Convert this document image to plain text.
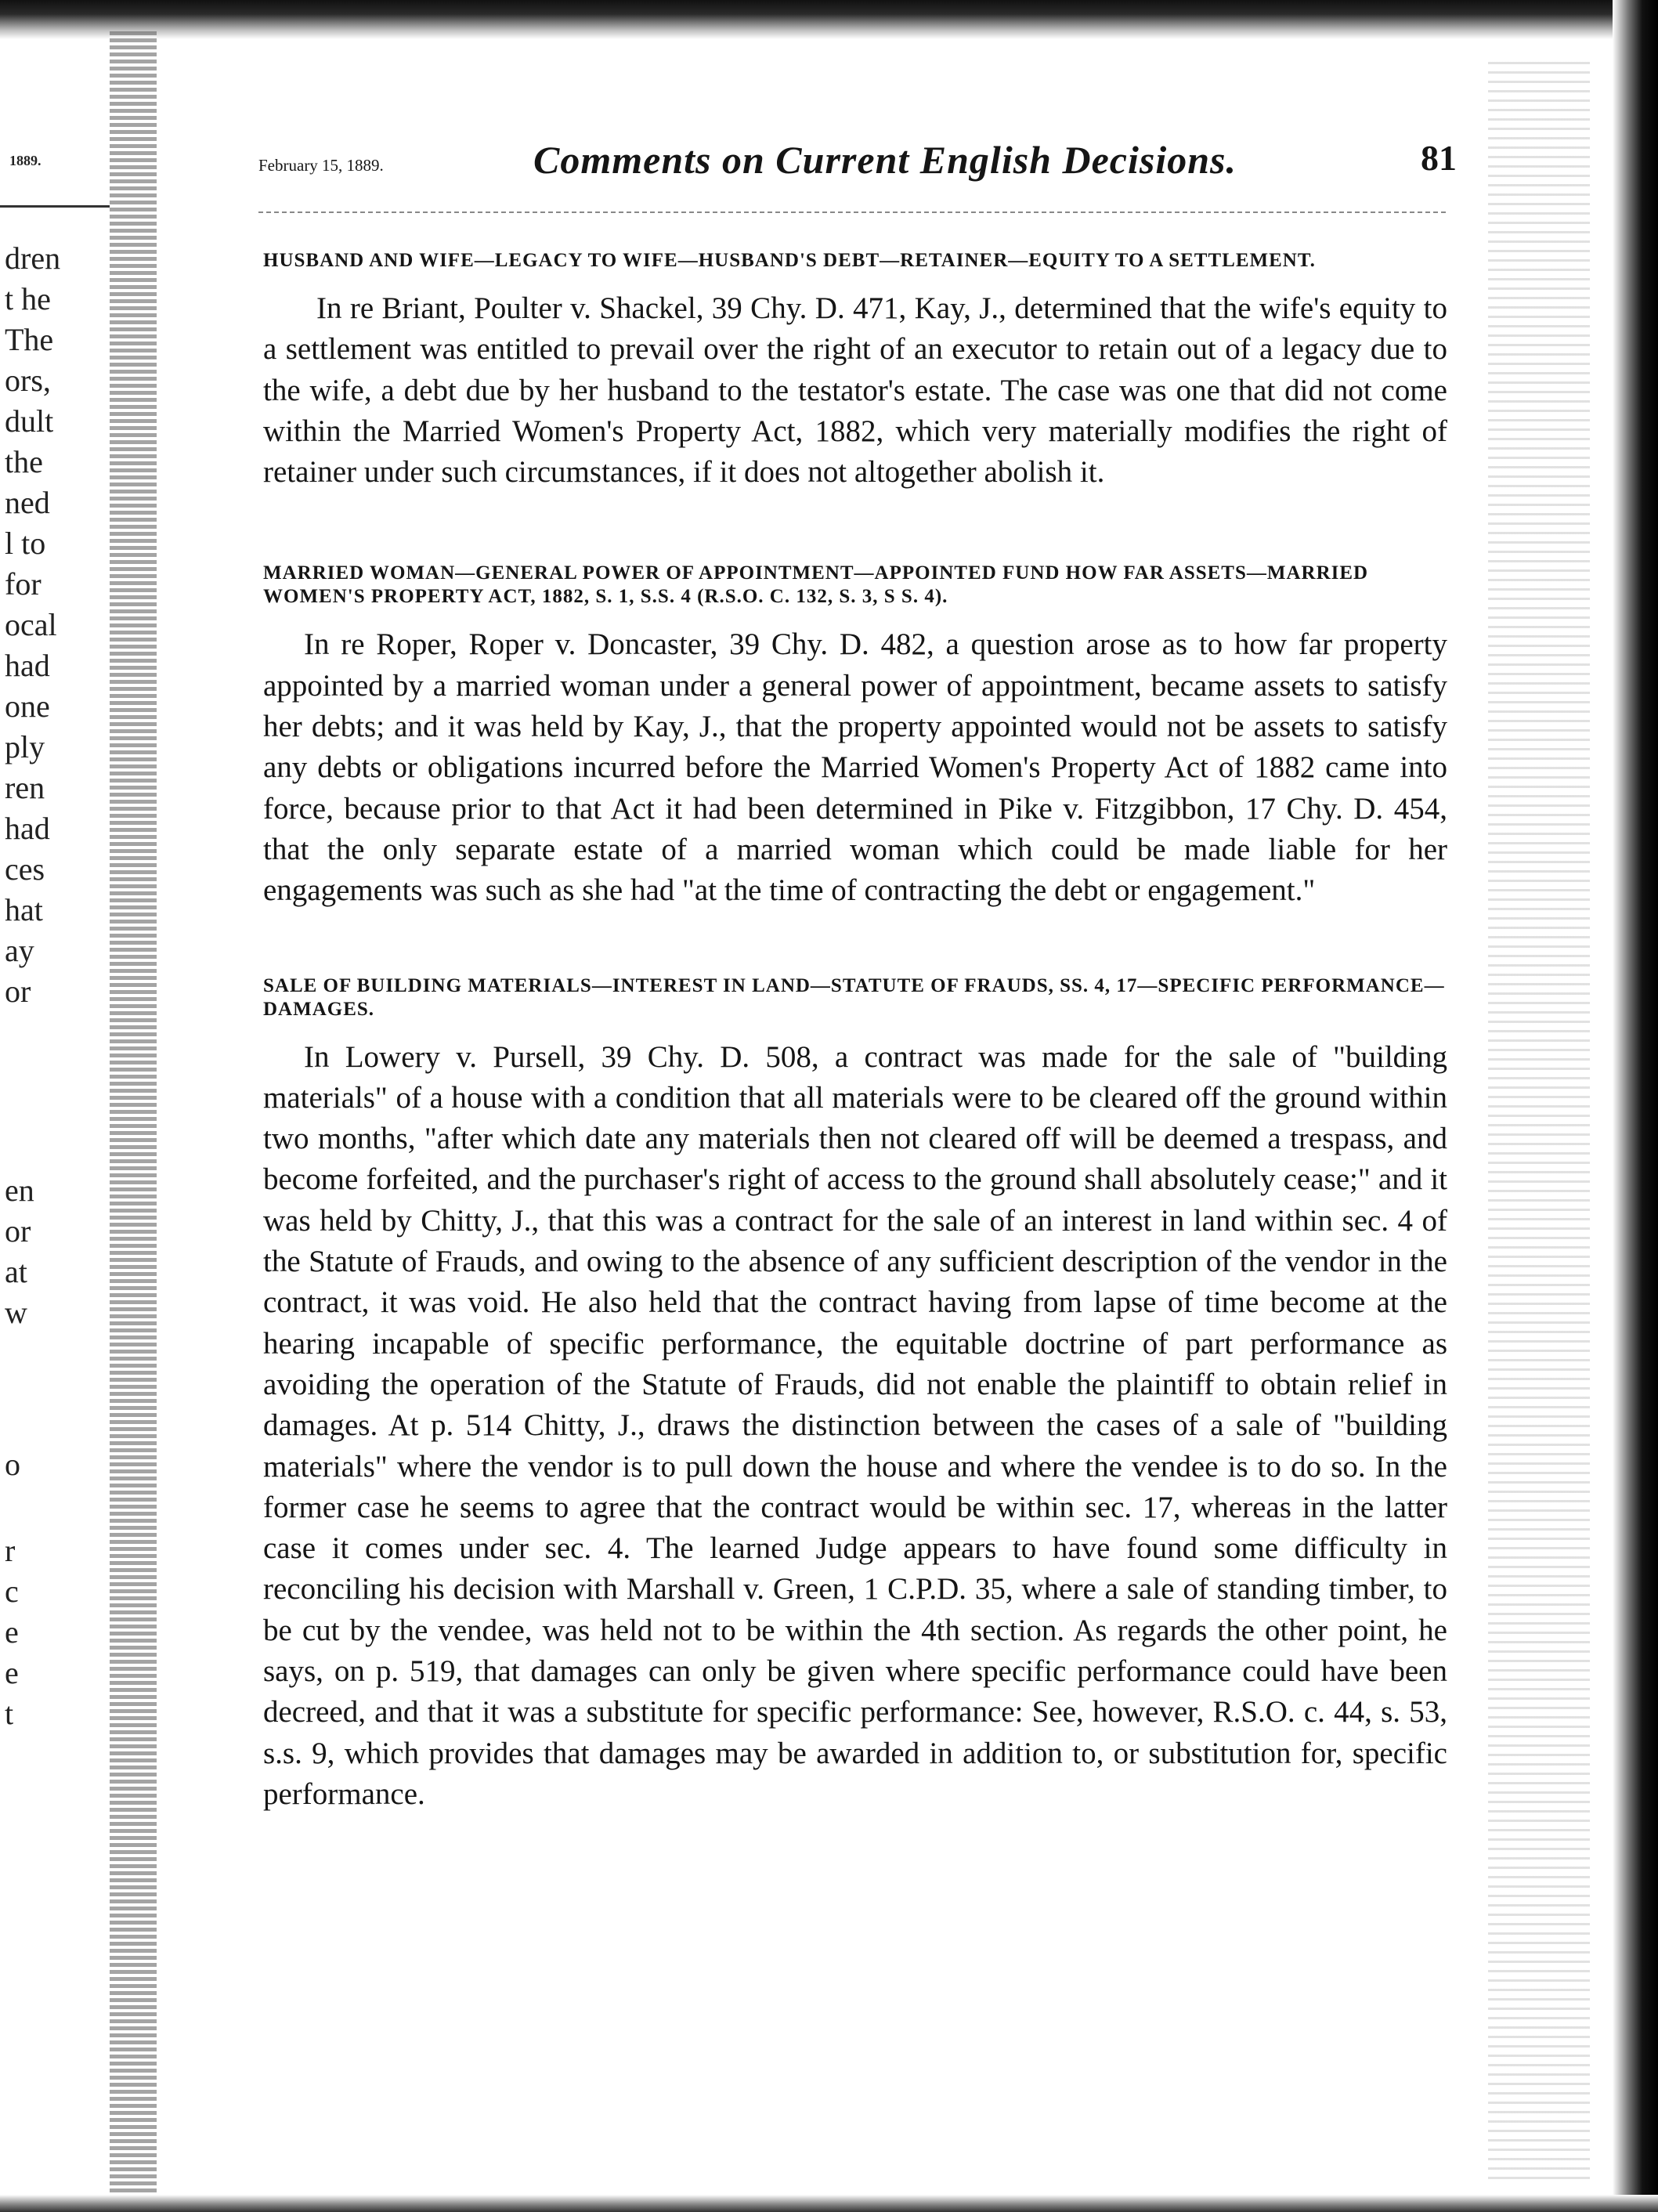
1889.
dren
t he
The
ors,
dult
the
ned
l to
for
ocal
had
one
ply
ren
had
ces
hat
ay
or
en
or
at
w
o
r
c
e
e
t
February 15, 1889.	Comments on Current English Decisions.	81

HUSBAND AND WIFE—LEGACY TO WIFE—HUSBAND'S DEBT—RETAINER—EQUITY TO A SETTLEMENT.

In re Briant, Poulter v. Shackel, 39 Chy. D. 471, Kay, J., determined that the wife's equity to a settlement was entitled to prevail over the right of an executor to retain out of a legacy due to the wife, a debt due by her husband to the testator's estate. The case was one that did not come within the Married Women's Property Act, 1882, which very materially modifies the right of retainer under such circumstances, if it does not altogether abolish it.

MARRIED WOMAN—GENERAL POWER OF APPOINTMENT—APPOINTED FUND HOW FAR ASSETS—MARRIED WOMEN'S PROPERTY ACT, 1882, S. 1, S.S. 4 (R.S.O. C. 132, S. 3, S S. 4).

In re Roper, Roper v. Doncaster, 39 Chy. D. 482, a question arose as to how far property appointed by a married woman under a general power of appointment, became assets to satisfy her debts; and it was held by Kay, J., that the property appointed would not be assets to satisfy any debts or obligations incurred before the Married Women's Property Act of 1882 came into force, because prior to that Act it had been determined in Pike v. Fitzgibbon, 17 Chy. D. 454, that the only separate estate of a married woman which could be made liable for her engagements was such as she had "at the time of contracting the debt or engagement."

SALE OF BUILDING MATERIALS—INTEREST IN LAND—STATUTE OF FRAUDS, SS. 4, 17—SPECIFIC PERFORMANCE—DAMAGES.

In Lowery v. Pursell, 39 Chy. D. 508, a contract was made for the sale of "building materials" of a house with a condition that all materials were to be cleared off the ground within two months, "after which date any materials then not cleared off will be deemed a trespass, and become forfeited, and the purchaser's right of access to the ground shall absolutely cease;" and it was held by Chitty, J., that this was a contract for the sale of an interest in land within sec. 4 of the Statute of Frauds, and owing to the absence of any sufficient description of the vendor in the contract, it was void. He also held that the contract having from lapse of time become at the hearing incapable of specific performance, the equitable doctrine of part performance as avoiding the operation of the Statute of Frauds, did not enable the plaintiff to obtain relief in damages. At p. 514 Chitty, J., draws the distinction between the cases of a sale of "building materials" where the vendor is to pull down the house and where the vendee is to do so. In the former case he seems to agree that the contract would be within sec. 17, whereas in the latter case it comes under sec. 4. The learned Judge appears to have found some difficulty in reconciling his decision with Marshall v. Green, 1 C.P.D. 35, where a sale of standing timber, to be cut by the vendee, was held not to be within the 4th section. As regards the other point, he says, on p. 519, that damages can only be given where specific performance could have been decreed, and that it was a substitute for specific performance: See, however, R.S.O. c. 44, s. 53, s.s. 9, which provides that damages may be awarded in addition to, or substitution for, specific performance.
